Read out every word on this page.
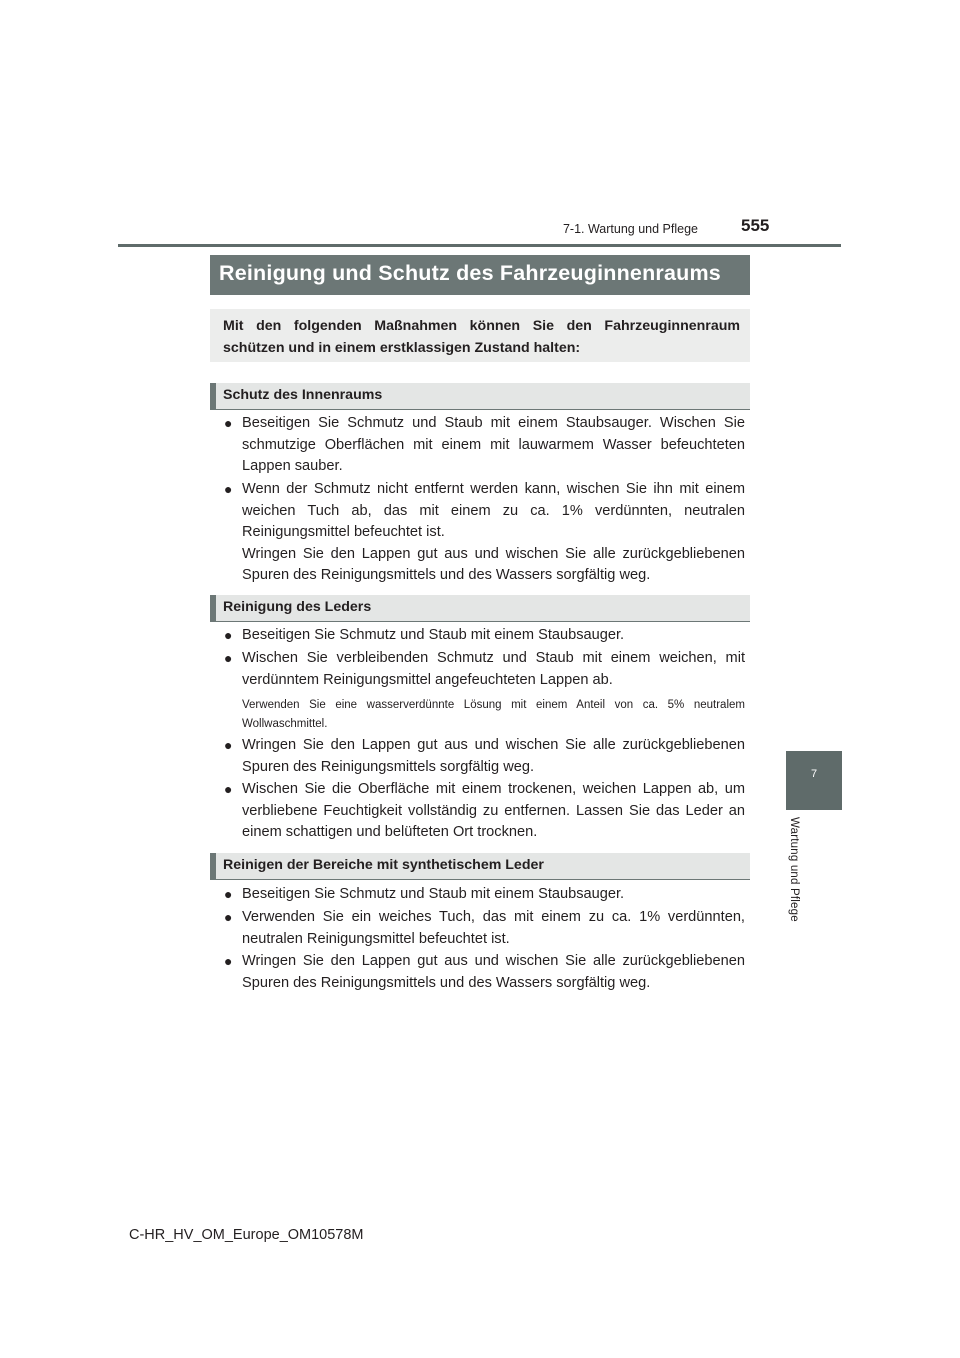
7-1. Wartung und Pflege	555
7
Wartung und Pflege
Reinigung und Schutz des Fahrzeuginnenraums
Mit den folgenden Maßnahmen können Sie den Fahrzeuginnenraum schützen und in einem erstklassigen Zustand halten:
Schutz des Innenraums
● Beseitigen Sie Schmutz und Staub mit einem Staubsauger. Wischen Sie schmutzige Oberflächen mit einem mit lauwarmem Wasser befeuchteten Lappen sauber.
● Wenn der Schmutz nicht entfernt werden kann, wischen Sie ihn mit einem weichen Tuch ab, das mit einem zu ca. 1% verdünnten, neutralen Reinigungsmittel befeuchtet ist.
Wringen Sie den Lappen gut aus und wischen Sie alle zurückgebliebenen Spuren des Reinigungsmittels und des Wassers sorgfältig weg.
Reinigung des Leders
● Beseitigen Sie Schmutz und Staub mit einem Staubsauger.
● Wischen Sie verbleibenden Schmutz und Staub mit einem weichen, mit verdünntem Reinigungsmittel angefeuchteten Lappen ab.
Verwenden Sie eine wasserverdünnte Lösung mit einem Anteil von ca. 5% neutralem Wollwaschmittel.
● Wringen Sie den Lappen gut aus und wischen Sie alle zurückgebliebenen Spuren des Reinigungsmittels sorgfältig weg.
● Wischen Sie die Oberfläche mit einem trockenen, weichen Lappen ab, um verbliebene Feuchtigkeit vollständig zu entfernen. Lassen Sie das Leder an einem schattigen und belüfteten Ort trocknen.
Reinigen der Bereiche mit synthetischem Leder
● Beseitigen Sie Schmutz und Staub mit einem Staubsauger.
● Verwenden Sie ein weiches Tuch, das mit einem zu ca. 1% verdünnten, neutralen Reinigungsmittel befeuchtet ist.
● Wringen Sie den Lappen gut aus und wischen Sie alle zurückgebliebenen Spuren des Reinigungsmittels und des Wassers sorgfältig weg.
C-HR_HV_OM_Europe_OM10578M
